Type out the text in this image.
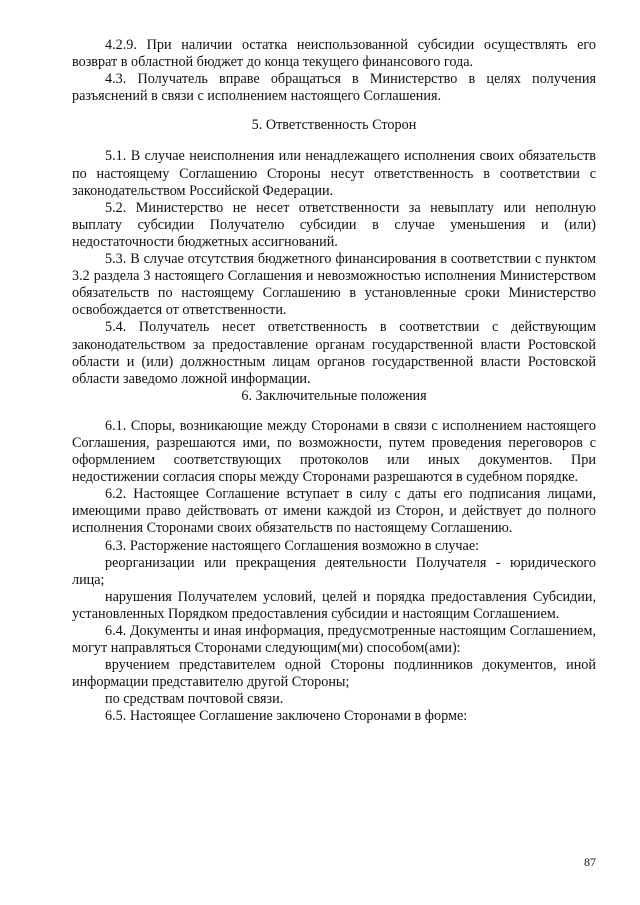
4.2.9. При наличии остатка неиспользованной субсидии осуществлять его возврат в областной бюджет до конца текущего финансового года.

4.3. Получатель вправе обращаться в Министерство в целях получения разъяснений в связи с исполнением настоящего Соглашения.

5. Ответственность Сторон

5.1. В случае неисполнения или ненадлежащего исполнения своих обязательств по настоящему Соглашению Стороны несут ответственность в соответствии с законодательством Российской Федерации.

5.2. Министерство не несет ответственности за невыплату или неполную выплату субсидии Получателю субсидии в случае уменьшения и (или) недостаточности бюджетных ассигнований.

5.3. В случае отсутствия бюджетного финансирования в соответствии с пунктом 3.2 раздела 3 настоящего Соглашения и невозможностью исполнения Министерством обязательств по настоящему Соглашению в установленные сроки Министерство освобождается от ответственности.

5.4. Получатель несет ответственность в соответствии с действующим законодательством за предоставление органам государственной власти Ростовской области и (или) должностным лицам органов государственной власти Ростовской области заведомо ложной информации.

6. Заключительные положения

6.1. Споры, возникающие между Сторонами в связи с исполнением настоящего Соглашения, разрешаются ими, по возможности, путем проведения переговоров с оформлением соответствующих протоколов или иных документов. При недостижении согласия споры между Сторонами разрешаются в судебном порядке.

6.2. Настоящее Соглашение вступает в силу с даты его подписания лицами, имеющими право действовать от имени каждой из Сторон, и действует до полного исполнения Сторонами своих обязательств по настоящему Соглашению.

6.3. Расторжение настоящего Соглашения возможно в случае:

реорганизации или прекращения деятельности Получателя - юридического лица;

нарушения Получателем условий, целей и порядка предоставления Субсидии, установленных Порядком предоставления субсидии и настоящим Соглашением.

6.4. Документы и иная информация, предусмотренные настоящим Соглашением, могут направляться Сторонами следующим(ми) способом(ами):

вручением представителем одной Стороны подлинников документов, иной информации представителю другой Стороны;

по средствам почтовой связи.

6.5. Настоящее Соглашение заключено Сторонами в форме:

87
